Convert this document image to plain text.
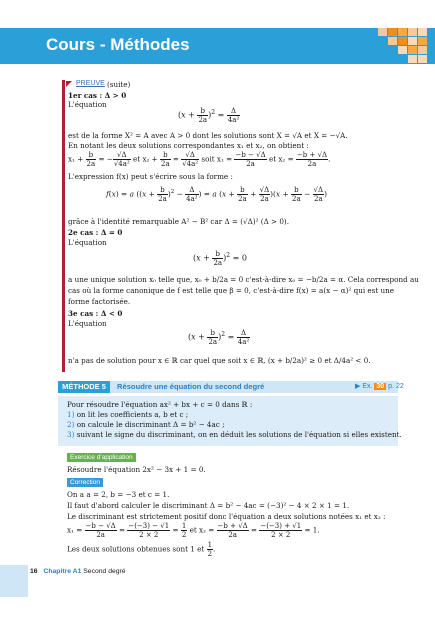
Cours - Méthodes
PREUVE (suite)
1er cas : Δ > 0
L'équation
$(x + \frac{b}{2a} )^2 = \frac{\Delta}{\text{4a²}}$
est de la forme X² = A avec A > 0 dont les solutions sont X = √A et X = −√A.
En notant les deux solutions correspondantes x₁ et x₂, on obtient :
$x_1 + \frac{b}{2a}$ = − $\frac{√\Delta}{\text{√4a²}}$ et $x_2 + \frac{b}{2a} = \frac{√\Delta}{\text{√4a²}}$ soit $x_1 = \frac{-b - √\Delta}{2a}$ et $x_2 = \frac{-b + √\Delta}{2a}$ .
L'expression f(x) peut s'écrire sous la forme :
f(x) = a ($(x + \frac{b}{2a} )^2 - \frac{\Delta}{\text{4a²}}$ ) = a $(x + \frac{b}{2a} + \frac{√\Delta}{2a} )(x + \frac{b}{2a} - \frac{√\Delta}{2a}$ )
grâce à l'identité remarquable A² − B² car Δ = (√Δ)² (Δ > 0).
2e cas : Δ = 0
L'équation
$(x + \frac{b}{2a} )^2 = 0$
a une unique solution x₀ telle que, x₀ + b/2a = 0 c'est-à-dire x₀ = −b/2a = α. Cela correspond au
cas où la forme canonique de f est telle que β = 0, c'est-à-dire f(x) = a(x − α)² qui est une
forme factorisée.
3e cas : Δ < 0
L'équation
$(x + \frac{b}{2a} )^2 = \frac{\Delta}{\text{4a²}}$
n'a pas de solution pour x ∈ ℝ car quel que soit x ∈ ℝ, (x + b/2a)² ≥ 0 et Δ/4a² < 0.
MÉTHODE 5	Résoudre une équation du second degré	▶ Ex. 30 p. 22
Pour résoudre l'équation ax² + bx + c = 0 dans ℝ :
1) on lit les coefficients a, b et c ;
2) on calcule le discriminant Δ = b² − 4ac ;
3) suivant le signe du discriminant, on en déduit les solutions de l'équation si elles existent.
Exercice d'application
Résoudre l'équation 2x² − 3x + 1 = 0.
Correction
On a a = 2, b = −3 et c = 1.
Il faut d'abord calculer le discriminant Δ = b² − 4ac = (−3)² − 4 × 2 × 1 = 1.
Le discriminant est strictement positif donc l'équation a deux solutions notées x₁ et x₂ :
$x_1 = \frac{-b - √\Delta}{2a} = \frac{-(-3) - √1}{2 \times 2} = \frac{1}{2}$ et $x_2 = \frac{-b + √\Delta}{2a} = \frac{-(-3) + √1}{2 \times 2} = 1$.
Les deux solutions obtenues sont 1 et $\frac{1}{2}$ .
16 Chapitre A1 Second degré
